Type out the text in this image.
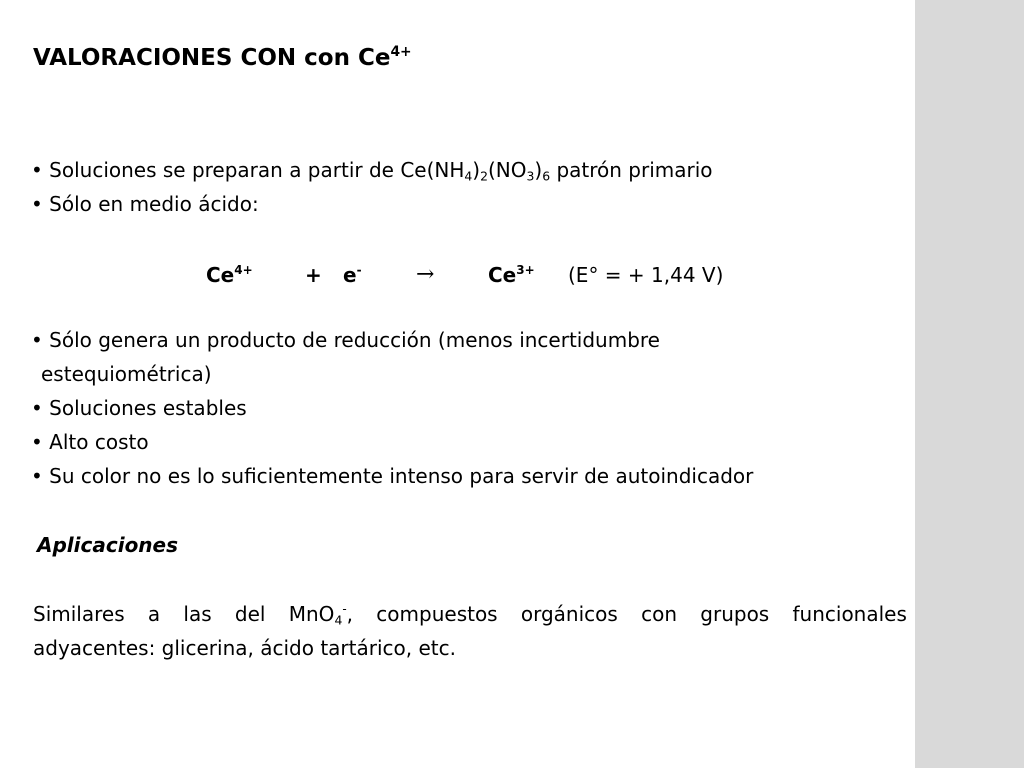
VALORACIONES CON con $Ce^{4+}$
• Soluciones se preparan a partir de $Ce(NH_4)_2(NO_3)_6$ patrón primario
• Sólo en medio ácido:
$Ce^{4+}$	+ e- →	$Ce^{3+}$ (E° = + 1,44 V)
• Sólo genera un producto de reducción (menos incertidumbre
estequiométrica)
• Soluciones estables
• Alto costo
• Su color no es lo suficientemente intenso para servir de autoindicador
Aplicaciones
Similares a las del MnO$_4$-, compuestos orgánicos con grupos funcionales
adyacentes: glicerina, ácido tartárico, etc.
